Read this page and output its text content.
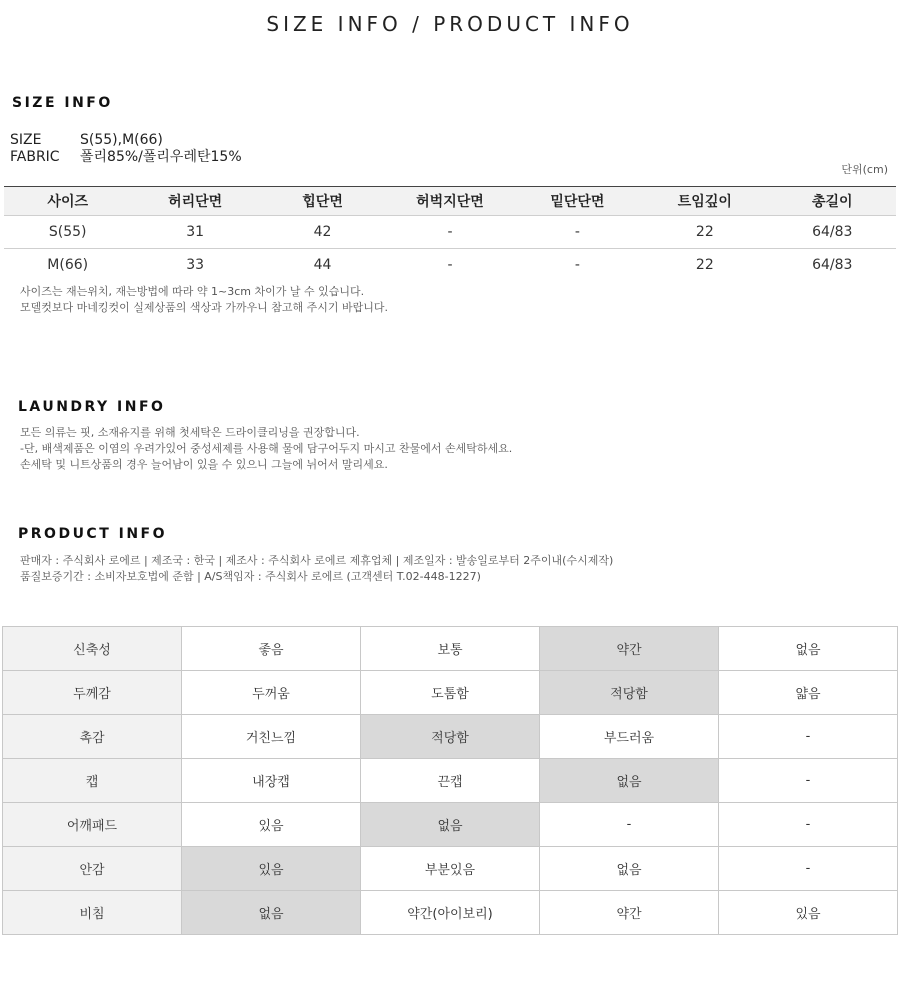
SIZE INFO / PRODUCT INFO
SIZE INFO
SIZE	S(55),M(66)
FABRIC	폴리85%/폴리우레탄15%
단위(cm)
사이즈	허리단면	힙단면	허벅지단면	밑단단면	트임깊이	총길이
S(55)	31	42	-	-	22	64/83
M(66)	33	44	-	-	22	64/83
사이즈는 재는위치, 재는방법에 따라 약 1~3cm 차이가 날 수 있습니다.
모델컷보다 마네킹컷이 실제상품의 색상과 가까우니 참고해 주시기 바랍니다.
LAUNDRY INFO
모든 의류는 핏, 소재유지를 위해 첫세탁은 드라이클리닝을 권장합니다.
-단, 배색제품은 이염의 우려가있어 중성세제를 사용해 물에 담구어두지 마시고 찬물에서 손세탁하세요.
손세탁 및 니트상품의 경우 늘어남이 있을 수 있으니 그늘에 뉘어서 말리세요.
PRODUCT INFO
판매자 : 주식회사 로에르 | 제조국 : 한국 | 제조사 : 주식회사 로에르 제휴업체 | 제조일자 : 발송일로부터 2주이내(수시제작)
품질보증기간 : 소비자보호법에 준함 | A/S책임자 : 주식회사 로에르 (고객센터 T.02-448-1227)
신축성	좋음	보통	약간	없음
두께감	두꺼움	도톰함	적당함	얇음
촉감	거친느낌	적당함	부드러움	-
캡	내장캡	끈캡	없음	-
어깨패드	있음	없음	-	-
안감	있음	부분있음	없음	-
비침	없음	약간(아이보리)	약간	있음
